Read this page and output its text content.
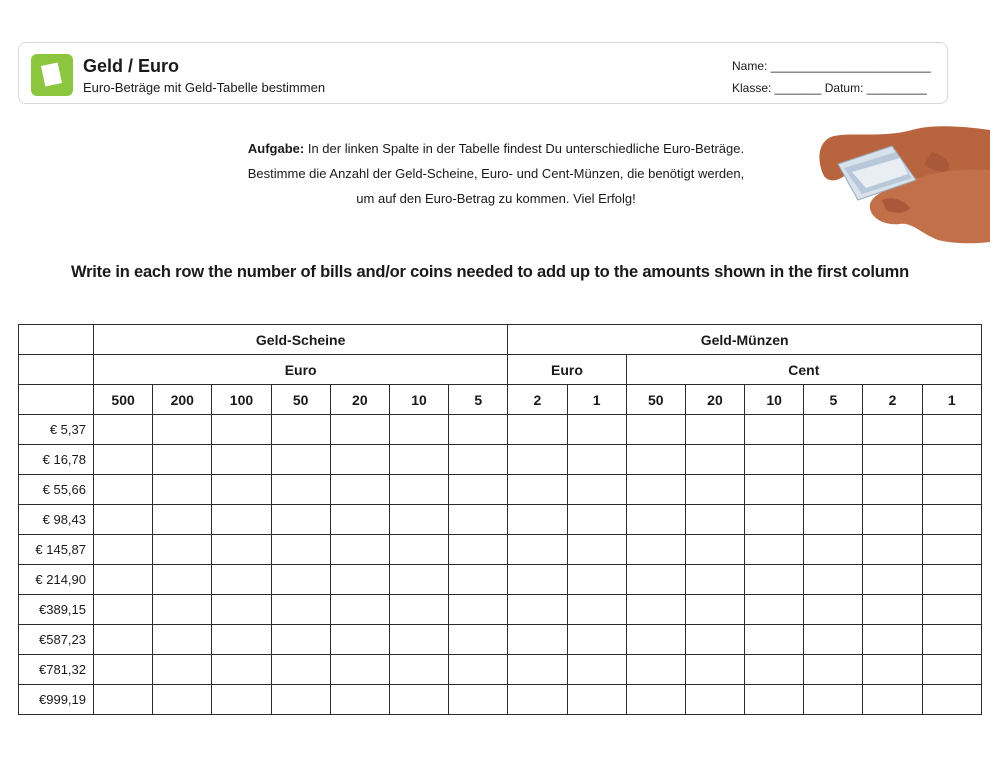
Geld / Euro
Euro-Beträge mit Geld-Tabelle bestimmen
Name: ________________________
Klasse: _______ Datum: _________
Aufgabe: In der linken Spalte in der Tabelle findest Du unterschiedliche Euro-Beträge.
Bestimme die Anzahl der Geld-Scheine, Euro- und Cent-Münzen, die benötigt werden,
um auf den Euro-Betrag zu kommen. Viel Erfolg!
Write in each row the number of bills and/or coins needed to add up to the amounts shown in the first column
	Geld-Scheine							Geld-Münzen							
	Euro							Euro		Cent					
	500	200	100	50	20	10	5	2	1	50	20	10	5	2	1
€ 5,37															
€ 16,78															
€ 55,66															
€ 98,43															
€ 145,87															
€ 214,90															
€389,15															
€587,23															
€781,32															
€999,19															
